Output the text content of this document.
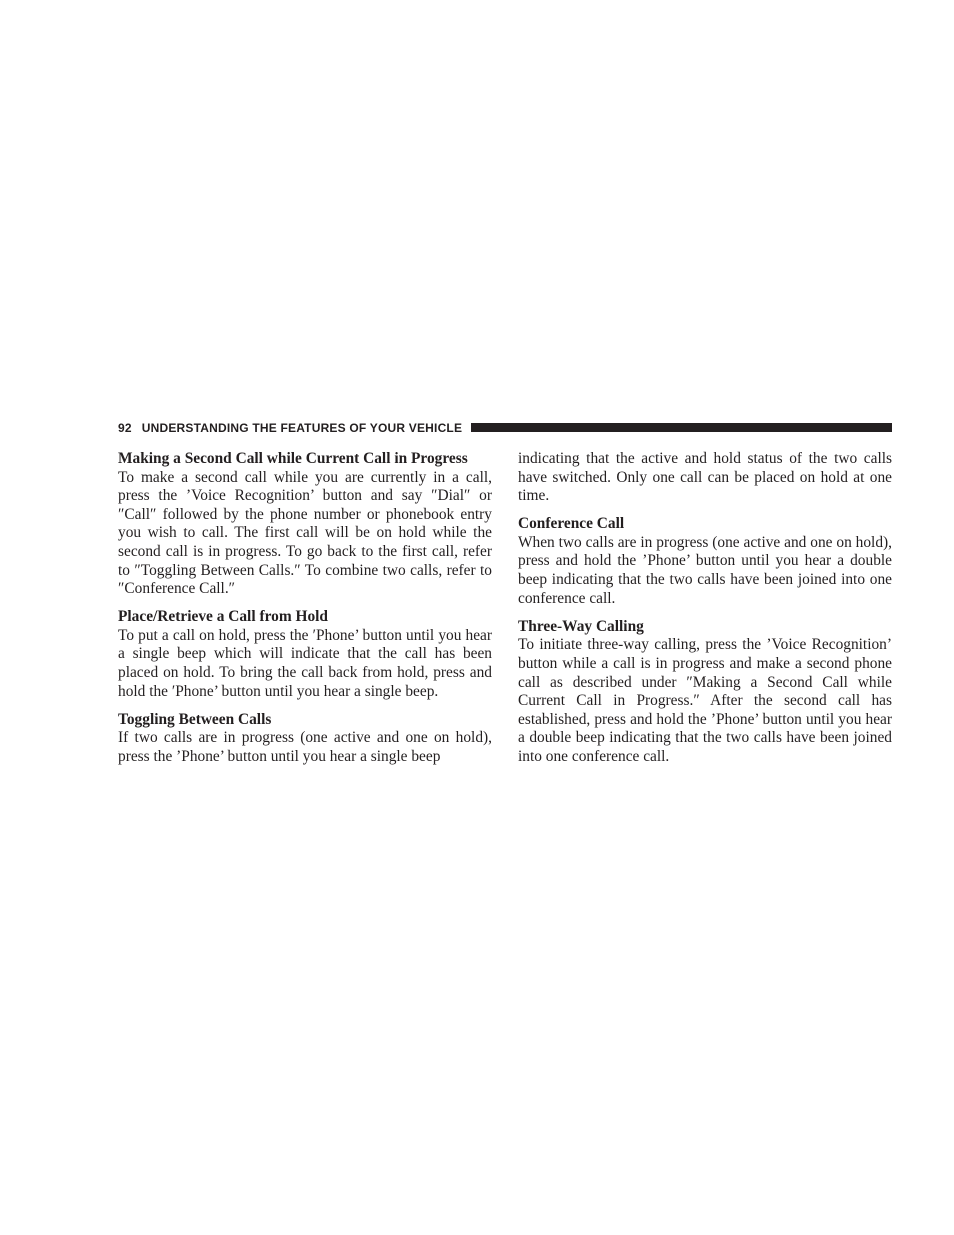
92 UNDERSTANDING THE FEATURES OF YOUR VEHICLE

Making a Second Call while Current Call in Progress

To make a second call while you are currently in a call, press the ’Voice Recognition’ button and say ″Dial″ or ″Call″ followed by the phone number or phonebook entry you wish to call. The first call will be on hold while the second call is in progress. To go back to the first call, refer to ″Toggling Between Calls.″ To combine two calls, refer to ″Conference Call.″

Place/Retrieve a Call from Hold

To put a call on hold, press the ′Phone’ button until you hear a single beep which will indicate that the call has been placed on hold. To bring the call back from hold, press and hold the ′Phone’ button until you hear a single beep.

Toggling Between Calls

If two calls are in progress (one active and one on hold), press the ’Phone’ button until you hear a single beep

indicating that the active and hold status of the two calls have switched. Only one call can be placed on hold at one time.

Conference Call

When two calls are in progress (one active and one on hold), press and hold the ’Phone’ button until you hear a double beep indicating that the two calls have been joined into one conference call.

Three-Way Calling

To initiate three-way calling, press the ’Voice Recognition’ button while a call is in progress and make a second phone call as described under ″Making a Second Call while Current Call in Progress.″ After the second call has established, press and hold the ’Phone’ button until you hear a double beep indicating that the two calls have been joined into one conference call.
